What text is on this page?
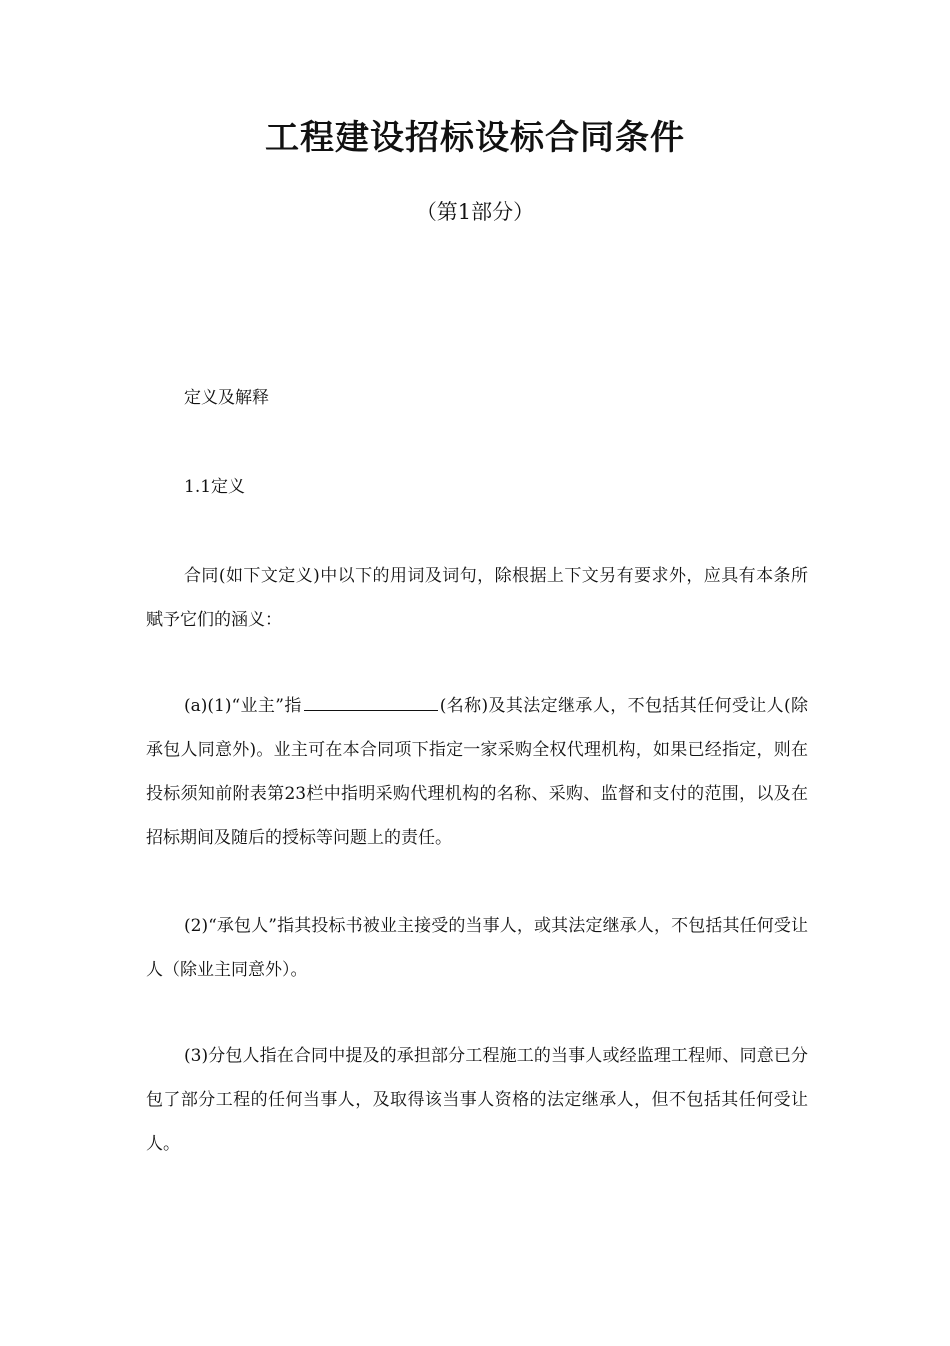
工程建设招标设标合同条件
（第1部分）

定义及解释

1.1定义

合同(如下文定义)中以下的用词及词句，除根据上下文另有要求外，应具有本条所赋予它们的涵义：

(a)(1)“业主”指	(名称)及其法定继承人，不包括其任何受让人(除承包人同意外)。业主可在本合同项下指定一家采购全权代理机构，如果已经指定，则在投标须知前附表第23栏中指明采购代理机构的名称、采购、监督和支付的范围，以及在招标期间及随后的授标等问题上的责任。

(2)“承包人”指其投标书被业主接受的当事人，或其法定继承人，不包括其任何受让人（除业主同意外）。

(3)分包人指在合同中提及的承担部分工程施工的当事人或经监理工程师、同意已分包了部分工程的任何当事人，及取得该当事人资格的法定继承人，但不包括其任何受让人。
